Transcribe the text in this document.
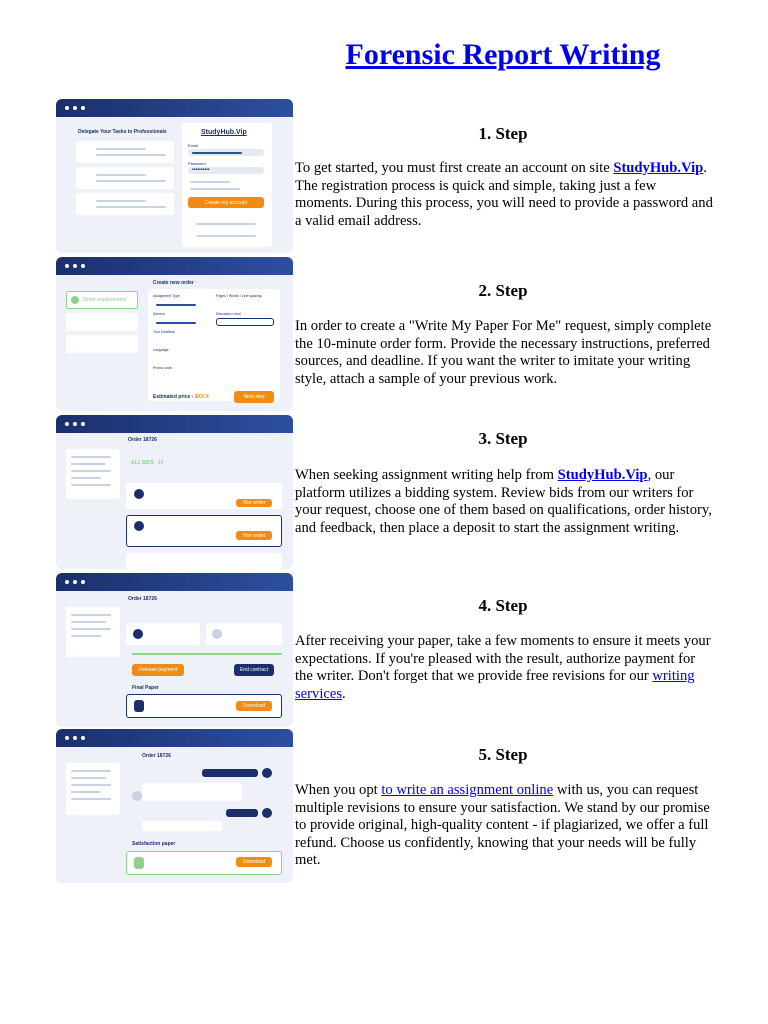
Forensic Report Writing
Delegate Your Tasks to Professionals	StudyHub.Vip
Email
Password
••••••••••
Create my account
1. Step
To get started, you must first create an account on site StudyHub.Vip. The registration process is quick and simple, taking just a few moments. During this process, you will need to provide a password and a valid email address.
Create new order
Order requirements
Assignment Type	Pages / Words / Line spacing
Service	Education Level
Your Deadline
Language
Promo code
Estimated price - $XX.X	Next step
2. Step
In order to create a "Write My Paper For Me" request, simply complete the 10-minute order form. Provide the necessary instructions, preferred sources, and deadline. If you want the writer to imitate your writing style, attach a sample of your previous work.
Order 18726
ALL BIDS 17
Hire writer
Hire writer
3. Step
When seeking assignment writing help from StudyHub.Vip, our platform utilizes a bidding system. Review bids from our writers for your request, choose one of them based on qualifications, order history, and feedback, then place a deposit to start the assignment writing.
Order 18726
Release payment	End contract
Final Paper
Download
4. Step
After receiving your paper, take a few moments to ensure it meets your expectations. If you're pleased with the result, authorize payment for the writer. Don't forget that we provide free revisions for our writing services.
Order 18726
Satisfaction paper
Download
5. Step
When you opt to write an assignment online with us, you can request multiple revisions to ensure your satisfaction. We stand by our promise to provide original, high-quality content - if plagiarized, we offer a full refund. Choose us confidently, knowing that your needs will be fully met.
